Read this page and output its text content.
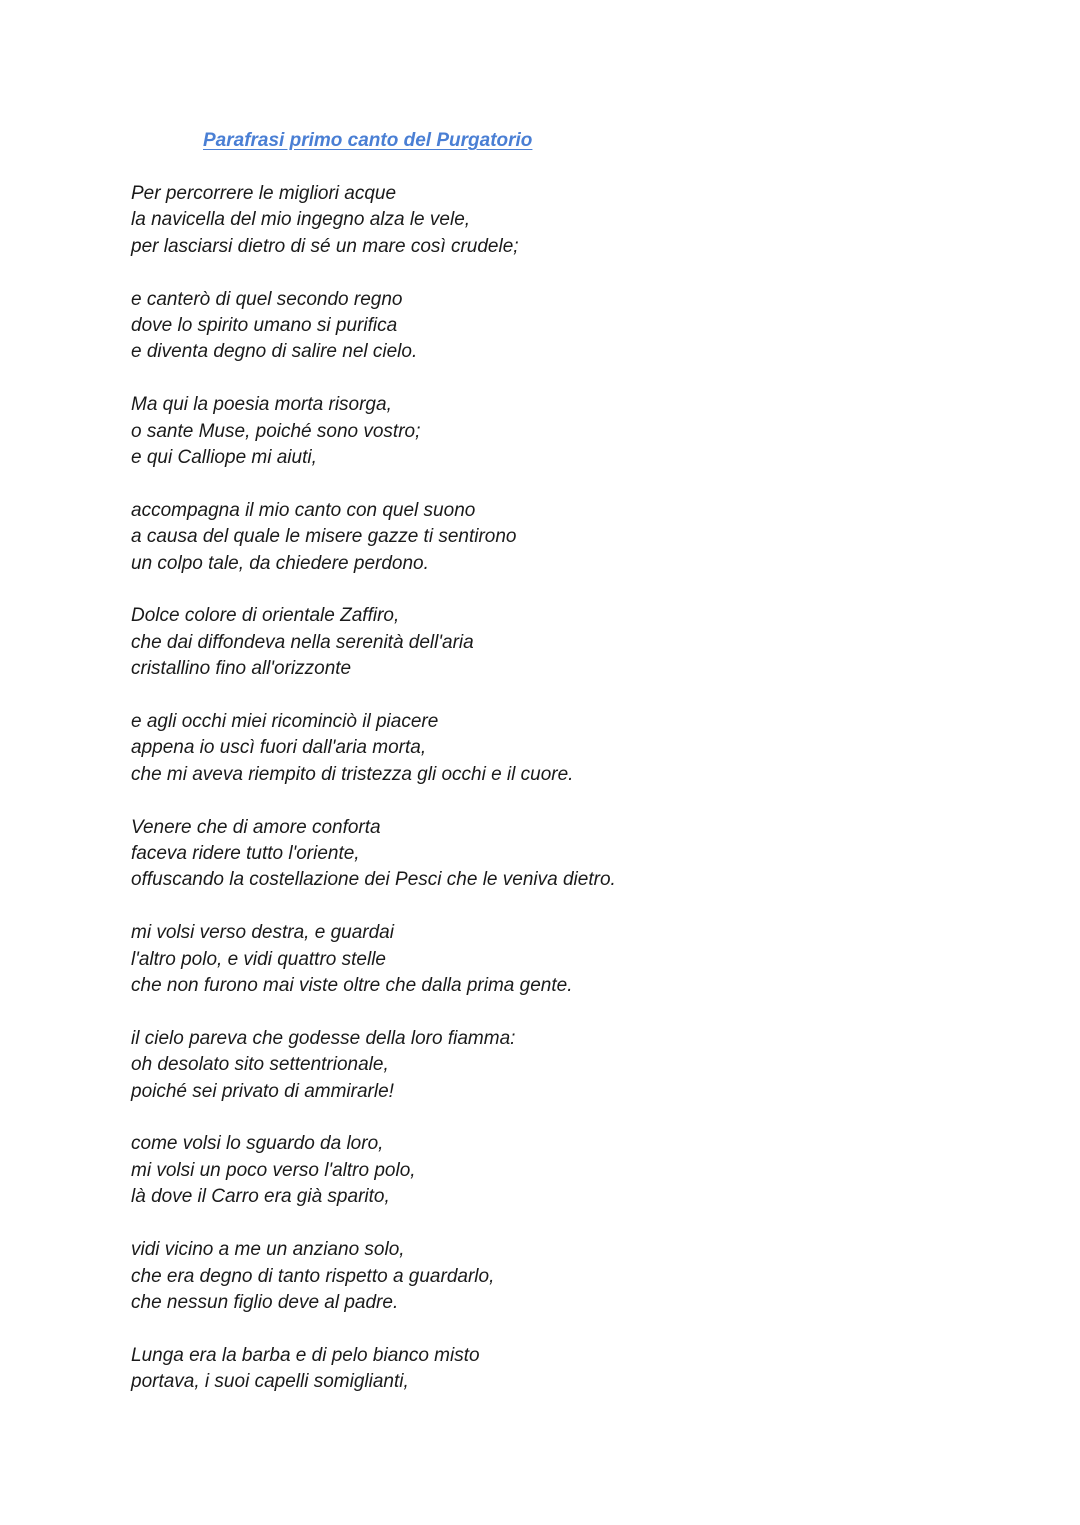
Parafrasi primo canto del Purgatorio
Per percorrere le migliori acque
la navicella del mio ingegno alza le vele,
per lasciarsi dietro di sé un mare così crudele;
e canterò di quel secondo regno
dove lo spirito umano si purifica
e diventa degno di salire nel cielo.
Ma qui la poesia morta risorga,
o sante Muse, poiché sono vostro;
e qui Calliope mi aiuti,
accompagna il mio canto con quel suono
a causa del quale le misere gazze ti sentirono
un colpo tale, da chiedere perdono.
Dolce colore di orientale Zaffiro,
che dai diffondeva nella serenità dell'aria
cristallino fino all'orizzonte
e agli occhi miei ricominciò il piacere
appena io uscì fuori dall'aria morta,
che mi aveva riempito di tristezza gli occhi e il cuore.
Venere che di amore conforta
faceva ridere tutto l'oriente,
offuscando la costellazione dei Pesci che le veniva dietro.
mi volsi verso destra, e guardai
l'altro polo, e vidi quattro stelle
che non furono mai viste oltre che dalla prima gente.
il cielo pareva che godesse della loro fiamma:
oh desolato sito settentrionale,
poiché sei privato di ammirarle!
come volsi lo sguardo da loro,
mi volsi un poco verso l'altro polo,
là dove il Carro era già sparito,
vidi vicino a me un anziano solo,
che era degno di tanto rispetto a guardarlo,
che nessun figlio deve al padre.
Lunga era la barba e di pelo bianco misto
portava, i suoi capelli somiglianti,
